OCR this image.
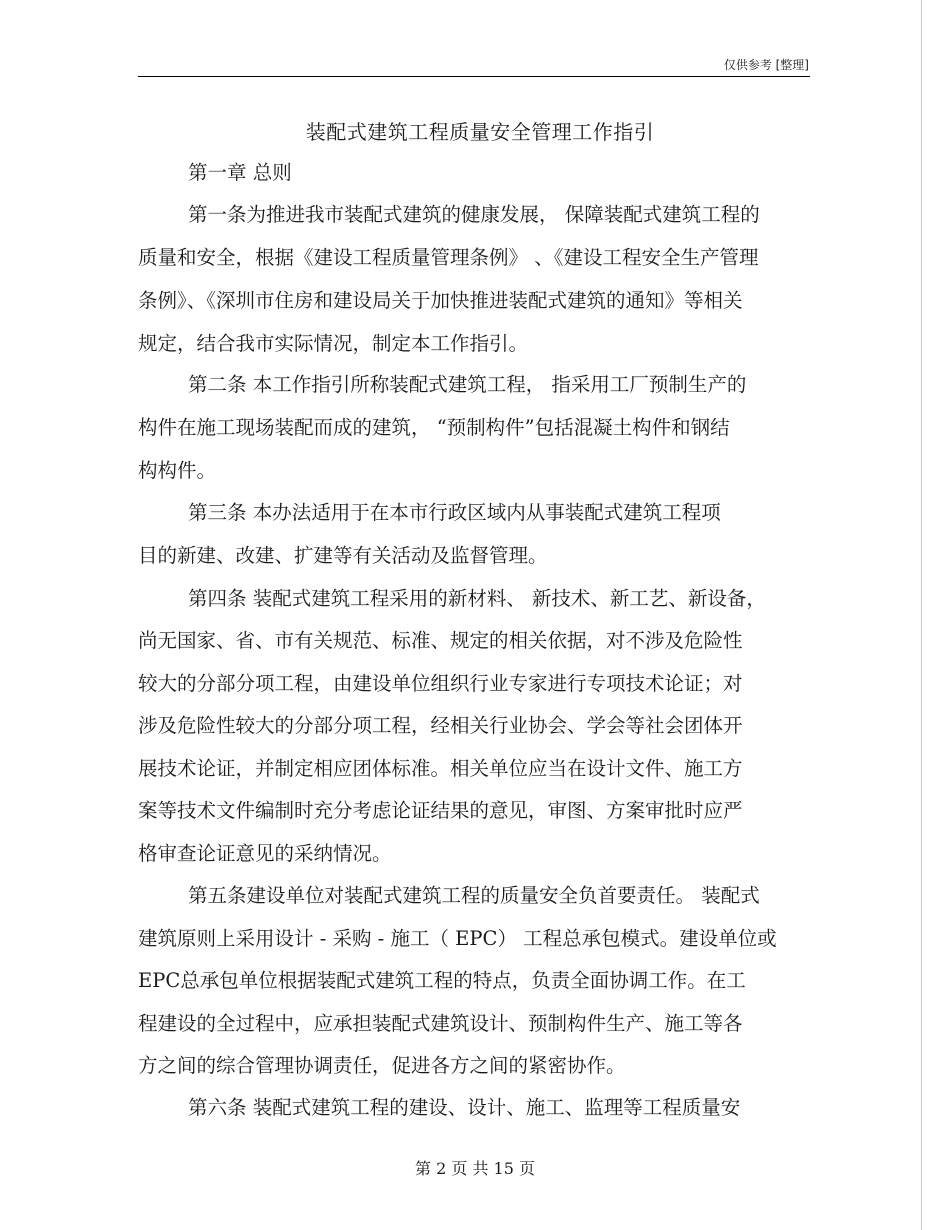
仅供参考 [整理]
装配式建筑工程质量安全管理工作指引
第一章 总则
第一条为推进我市装配式建筑的健康发展， 保障装配式建筑工程的
质量和安全，根据《建设工程质量管理条例》 、《建设工程安全生产管理
条例》、《深圳市住房和建设局关于加快推进装配式建筑的通知》等相关
规定，结合我市实际情况，制定本工作指引。
第二条 本工作指引所称装配式建筑工程， 指采用工厂预制生产的
构件在施工现场装配而成的建筑， “预制构件”包括混凝土构件和钢结
构构件。
第三条 本办法适用于在本市行政区域内从事装配式建筑工程项
目的新建、改建、扩建等有关活动及监督管理。
第四条 装配式建筑工程采用的新材料、 新技术、新工艺、新设备，
尚无国家、省、市有关规范、标准、规定的相关依据，对不涉及危险性
较大的分部分项工程，由建设单位组织行业专家进行专项技术论证；对
涉及危险性较大的分部分项工程，经相关行业协会、学会等社会团体开
展技术论证，并制定相应团体标准。相关单位应当在设计文件、施工方
案等技术文件编制时充分考虑论证结果的意见，审图、方案审批时应严
格审查论证意见的采纳情况。
第五条建设单位对装配式建筑工程的质量安全负首要责任。 装配式
建筑原则上采用设计 - 采购 - 施工（ EPC） 工程总承包模式。建设单位或
EPC总承包单位根据装配式建筑工程的特点，负责全面协调工作。在工
程建设的全过程中，应承担装配式建筑设计、预制构件生产、施工等各
方之间的综合管理协调责任，促进各方之间的紧密协作。
第六条 装配式建筑工程的建设、设计、施工、监理等工程质量安
第 2 页 共 15 页
